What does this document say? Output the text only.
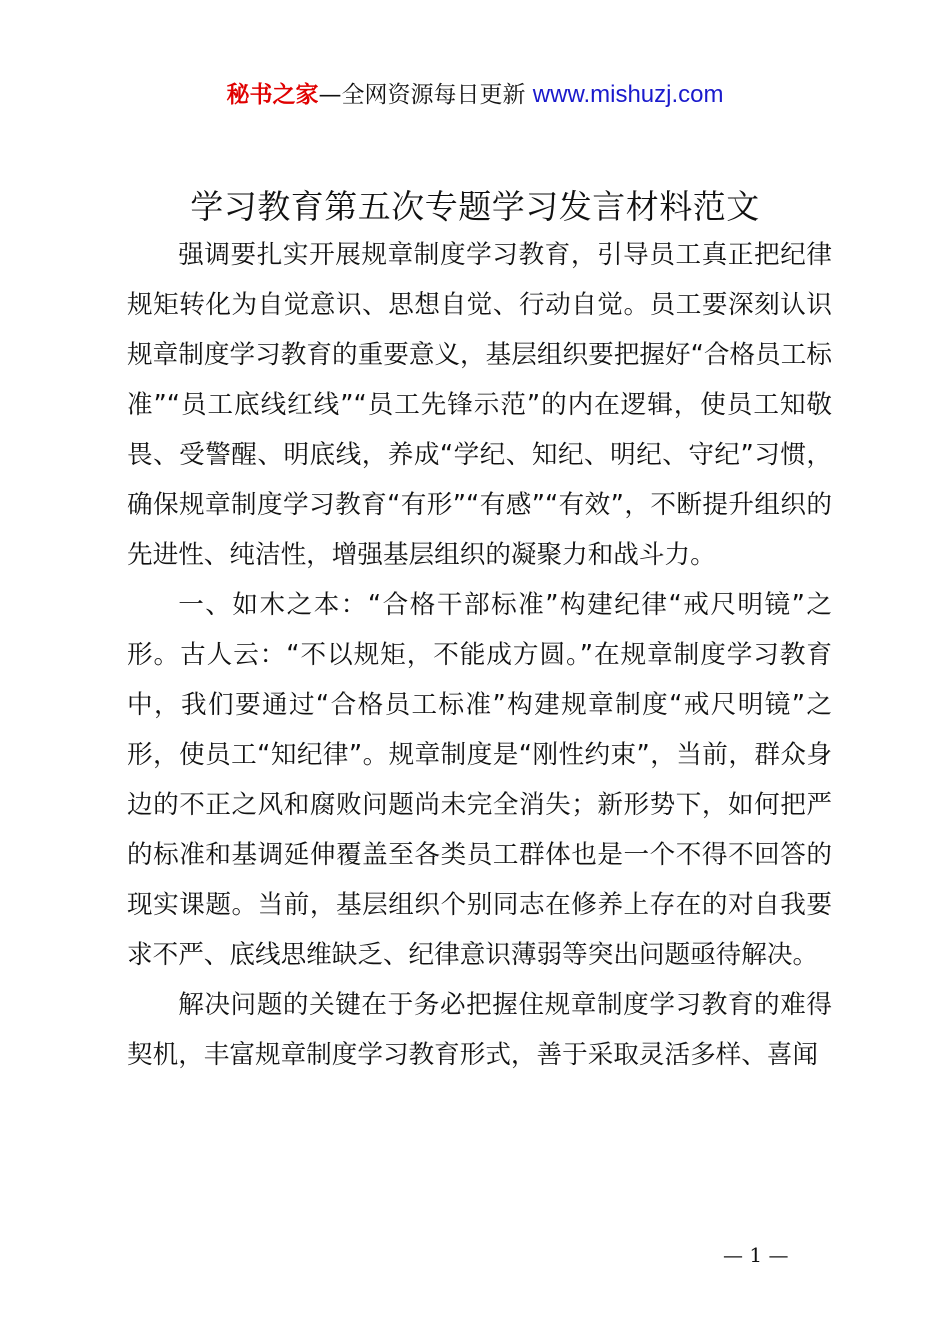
秘书之家—全网资源每日更新 www.mishuzj.com
学习教育第五次专题学习发言材料范文

强调要扎实开展规章制度学习教育，引导员工真正把纪律规矩转化为自觉意识、思想自觉、行动自觉。员工要深刻认识规章制度学习教育的重要意义，基层组织要把握好“合格员工标准”“员工底线红线”“员工先锋示范”的内在逻辑，使员工知敬畏、受警醒、明底线，养成“学纪、知纪、明纪、守纪”习惯，确保规章制度学习教育“有形”“有感”“有效”，不断提升组织的先进性、纯洁性，增强基层组织的凝聚力和战斗力。

一、如木之本：“合格干部标准”构建纪律“戒尺明镜”之形。古人云：“不以规矩，不能成方圆。”在规章制度学习教育中，我们要通过“合格员工标准”构建规章制度“戒尺明镜”之形，使员工“知纪律”。规章制度是“刚性约束”，当前，群众身边的不正之风和腐败问题尚未完全消失；新形势下，如何把严的标准和基调延伸覆盖至各类员工群体也是一个不得不回答的现实课题。当前，基层组织个别同志在修养上存在的对自我要求不严、底线思维缺乏、纪律意识薄弱等突出问题亟待解决。

解决问题的关键在于务必把握住规章制度学习教育的难得契机，丰富规章制度学习教育形式，善于采取灵活多样、喜闻

— 1 —
